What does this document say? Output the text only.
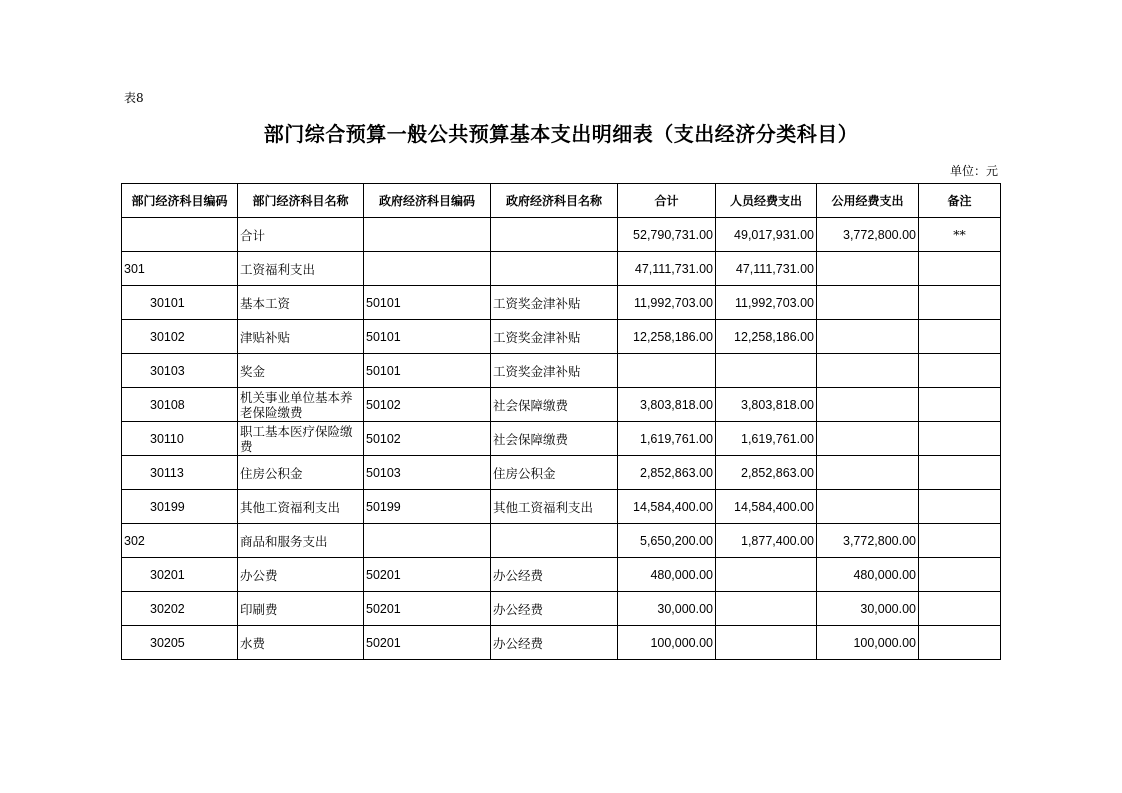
表8
部门综合预算一般公共预算基本支出明细表（支出经济分类科目）
单位：元
部门经济科目编码	部门经济科目名称	政府经济科目编码	政府经济科目名称	合计	人员经费支出	公用经费支出	备注
	合计			52,790,731.00	49,017,931.00	3,772,800.00	**
301	工资福利支出			47,111,731.00	47,111,731.00		
30101	基本工资	50101	工资奖金津补贴	11,992,703.00	11,992,703.00		
30102	津贴补贴	50101	工资奖金津补贴	12,258,186.00	12,258,186.00		
30103	奖金	50101	工资奖金津补贴				
30108	机关事业单位基本养老保险缴费	50102	社会保障缴费	3,803,818.00	3,803,818.00		
30110	职工基本医疗保险缴费	50102	社会保障缴费	1,619,761.00	1,619,761.00		
30113	住房公积金	50103	住房公积金	2,852,863.00	2,852,863.00		
30199	其他工资福利支出	50199	其他工资福利支出	14,584,400.00	14,584,400.00		
302	商品和服务支出			5,650,200.00	1,877,400.00	3,772,800.00	
30201	办公费	50201	办公经费	480,000.00		480,000.00	
30202	印刷费	50201	办公经费	30,000.00		30,000.00	
30205	水费	50201	办公经费	100,000.00		100,000.00	
